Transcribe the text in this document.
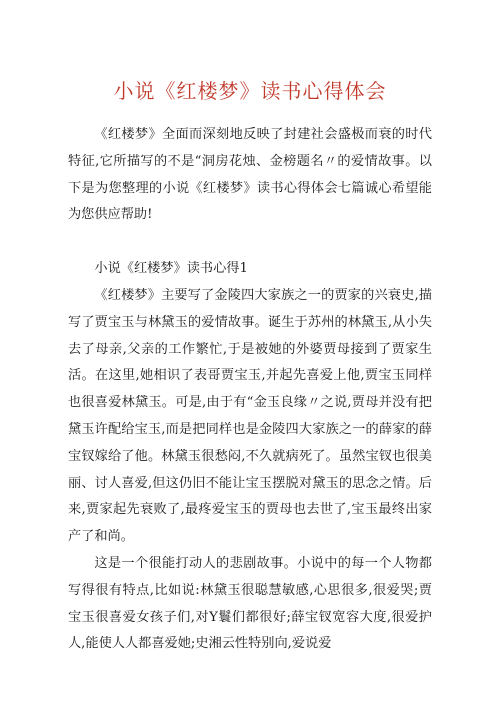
小说《红楼梦》读书心得体会

《红楼梦》全面而深刻地反映了封建社会盛极而衰的时代特征,它所描写的不是“洞房花烛、金榜题名〃的爱情故事。以下是为您整理的小说《红楼梦》读书心得体会七篇诚心希望能为您供应帮助!

小说《红楼梦》读书心得1

《红楼梦》主要写了金陵四大家族之一的贾家的兴衰史,描写了贾宝玉与林黛玉的爱情故事。诞生于苏州的林黛玉,从小失去了母亲,父亲的工作繁忙,于是被她的外婆贾母接到了贾家生活。在这里,她相识了表哥贾宝玉,并起先喜爱上他,贾宝玉同样也很喜爱林黛玉。可是,由于有“金玉良缘〃之说,贾母并没有把黛玉许配给宝玉,而是把同样也是金陵四大家族之一的薛家的薛宝钗嫁给了他。林黛玉很愁闷,不久就病死了。虽然宝钗也很美丽、讨人喜爱,但这仍旧不能让宝玉摆脱对黛玉的思念之情。后来,贾家起先衰败了,最疼爱宝玉的贾母也去世了,宝玉最终出家产了和尚。

这是一个很能打动人的悲剧故事。小说中的每一个人物都写得很有特点,比如说:林黛玉很聪慧敏感,心思很多,很爱哭;贾宝玉很喜爱女孩子们,对Y鬟们都很好;薛宝钗宽容大度,很爱护人,能使人人都喜爱她;史湘云性特别向,爱说爱
